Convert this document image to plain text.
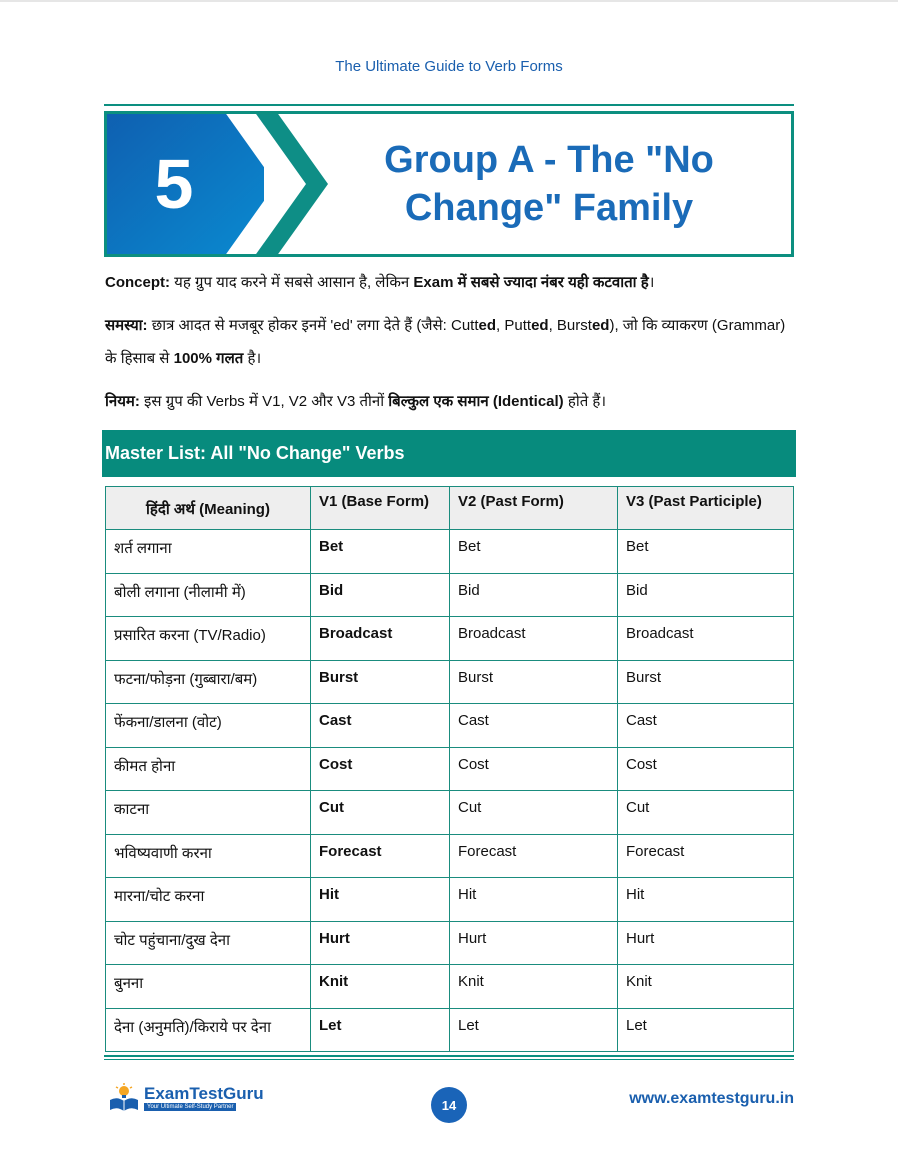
The Ultimate Guide to Verb Forms
5	Group A - The "No Change" Family
Concept: यह ग्रुप याद करने में सबसे आसान है, लेकिन Exam में सबसे ज्यादा नंबर यही कटवाता है।
समस्या: छात्र आदत से मजबूर होकर इनमें 'ed' लगा देते हैं (जैसे: Cutted, Putted, Bursted), जो कि व्याकरण (Grammar) के हिसाब से 100% गलत है।
नियम: इस ग्रुप की Verbs में V1, V2 और V3 तीनों बिल्कुल एक समान (Identical) होते हैं।
Master List: All "No Change" Verbs
हिंदी अर्थ (Meaning)	V1 (Base Form)	V2 (Past Form)	V3 (Past Participle)
शर्त लगाना	Bet	Bet	Bet
बोली लगाना (नीलामी में)	Bid	Bid	Bid
प्रसारित करना (TV/Radio)	Broadcast	Broadcast	Broadcast
फटना/फोड़ना (गुब्बारा/बम)	Burst	Burst	Burst
फेंकना/डालना (वोट)	Cast	Cast	Cast
कीमत होना	Cost	Cost	Cost
काटना	Cut	Cut	Cut
भविष्यवाणी करना	Forecast	Forecast	Forecast
मारना/चोट करना	Hit	Hit	Hit
चोट पहुंचाना/दुख देना	Hurt	Hurt	Hurt
बुनना	Knit	Knit	Knit
देना (अनुमति)/किराये पर देना	Let	Let	Let
ExamTestGuru
Your Ultimate Self-Study Partner	14	www.examtestguru.in
